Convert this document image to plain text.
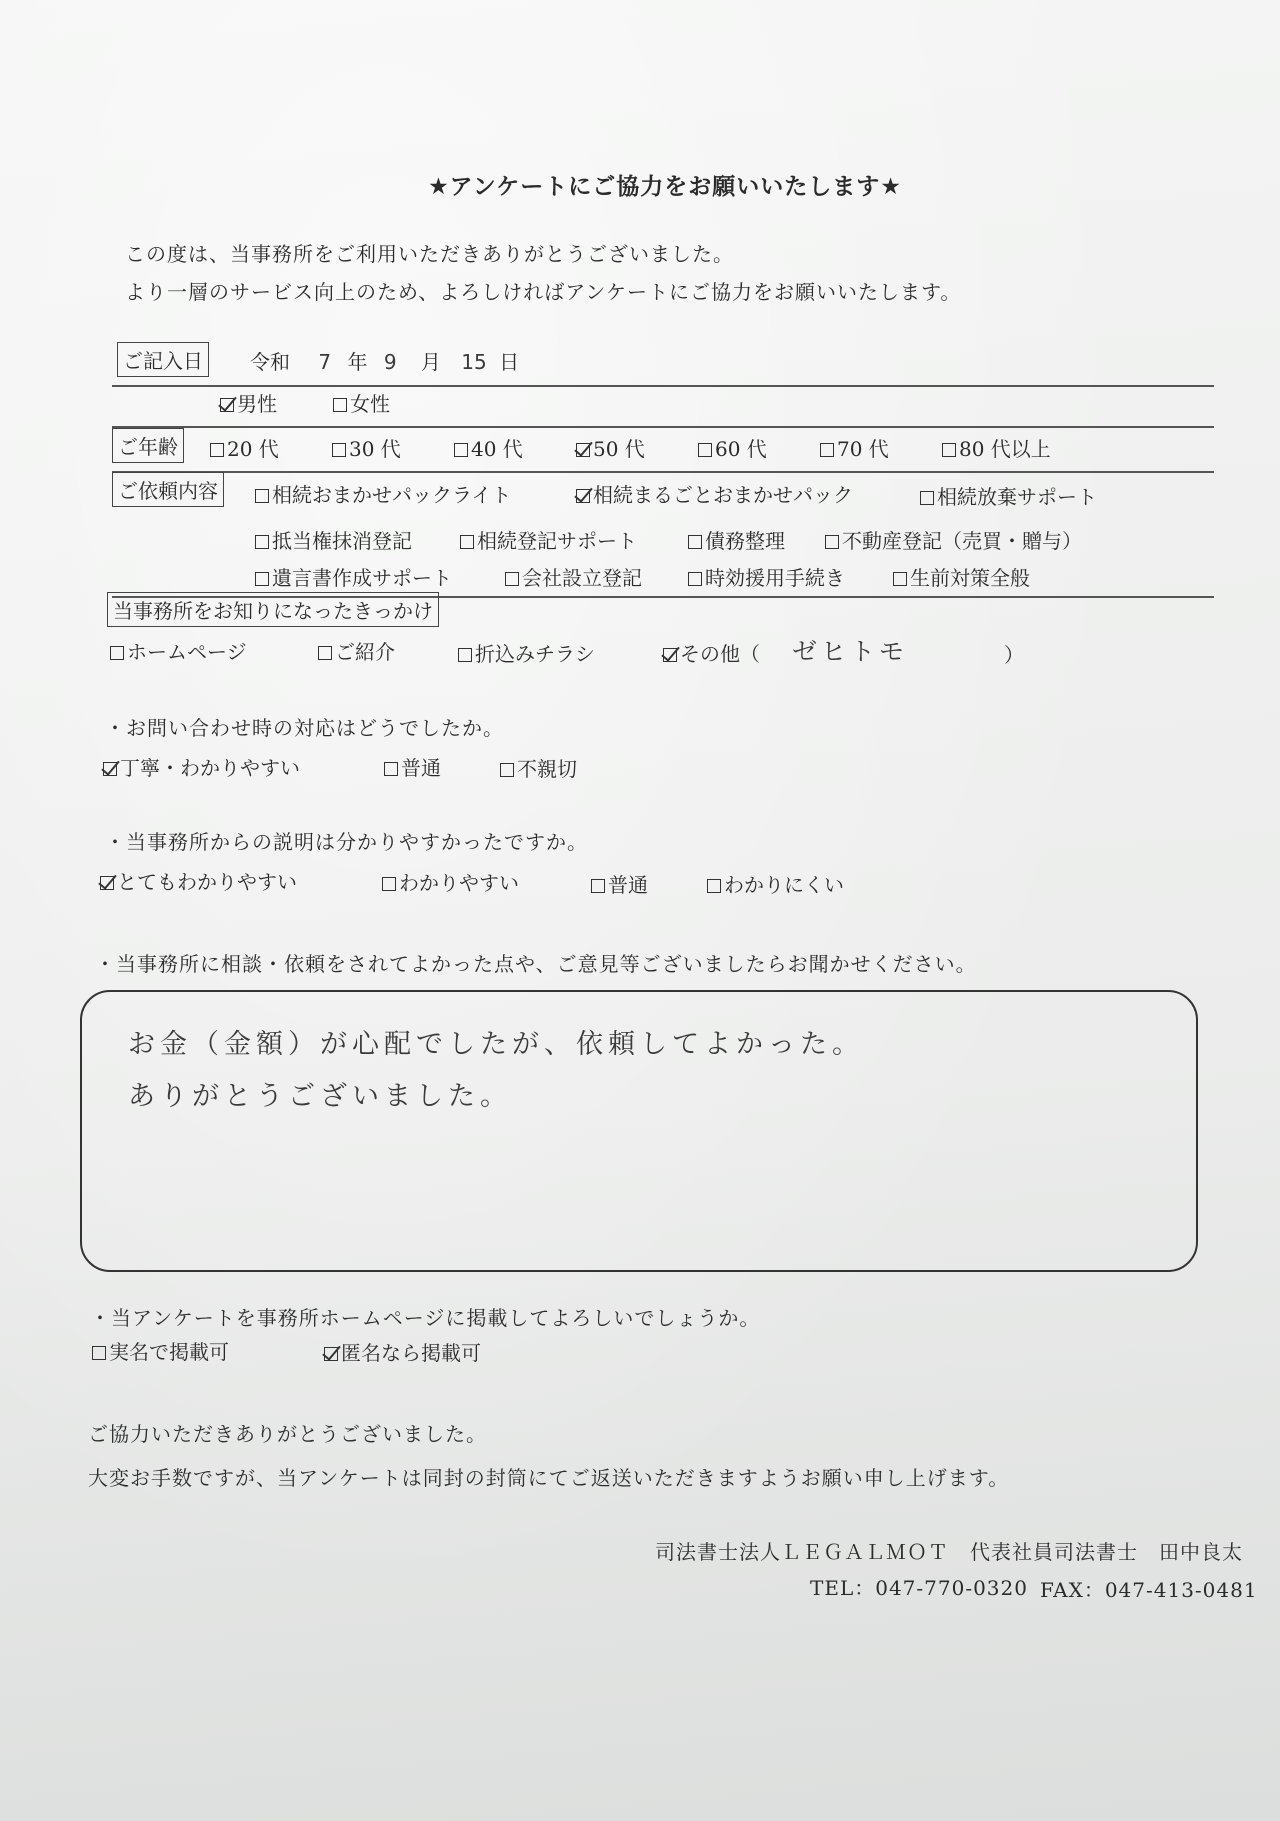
★アンケートにご協力をお願いいたします★
この度は、当事務所をご利用いただきありがとうございました。
より一層のサービス向上のため、よろしければアンケートにご協力をお願いいたします。
ご記入日	令和 7 年 9 月 15 日
男性	女性
ご年齢	20 代	30 代	40 代	50 代	60 代	70 代	80 代以上
ご依頼内容	相続おまかせパックライト	相続まるごとおまかせパック	相続放棄サポート
抵当権抹消登記	相続登記サポート	債務整理	不動産登記（売買・贈与）
遺言書作成サポート	会社設立登記	時効援用手続き	生前対策全般
当事務所をお知りになったきっかけ
ホームページ	ご紹介	折込みチラシ	その他（ ゼヒトモ	）
・お問い合わせ時の対応はどうでしたか。
丁寧・わかりやすい	普通	不親切
・当事務所からの説明は分かりやすかったですか。
とてもわかりやすい	わかりやすい	普通	わかりにくい
・当事務所に相談・依頼をされてよかった点や、ご意見等ございましたらお聞かせください。
お金（金額）が心配でしたが、依頼してよかった。
ありがとうございました。
・当アンケートを事務所ホームページに掲載してよろしいでしょうか。
実名で掲載可	匿名なら掲載可
ご協力いただきありがとうございました。
大変お手数ですが、当アンケートは同封の封筒にてご返送いただきますようお願い申し上げます。
司法書士法人ＬＥＧＡＬＭＯＴ　代表社員司法書士　田中良太
TEL：047-770-0320 FAX：047-413-0481
